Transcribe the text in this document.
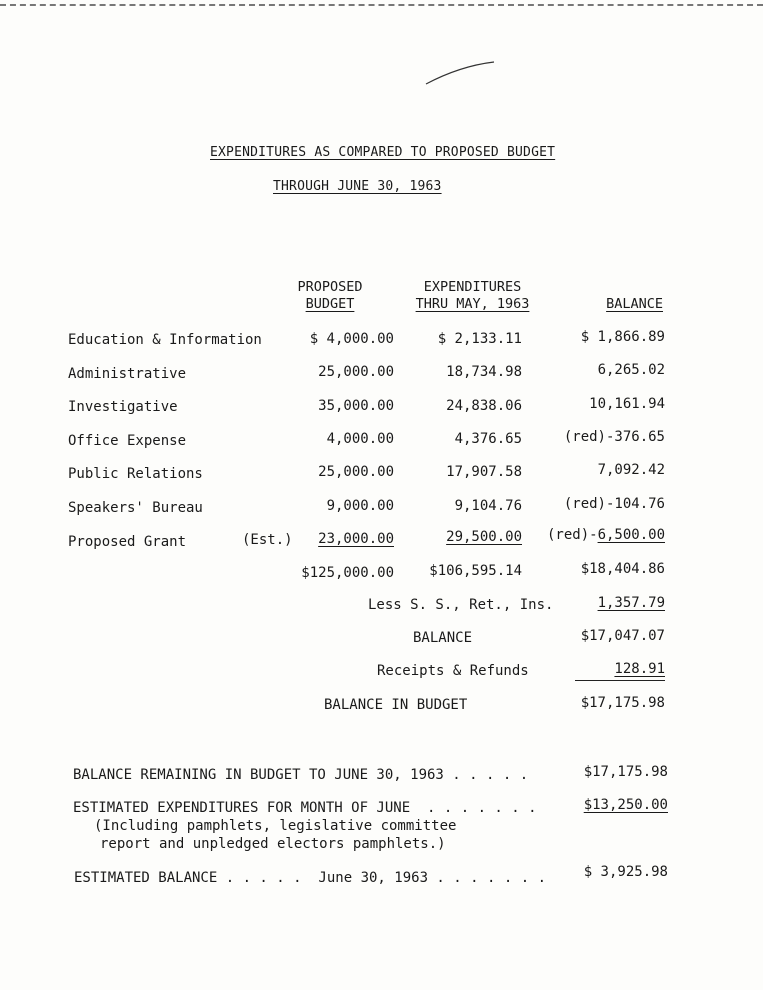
EXPENDITURES AS COMPARED TO PROPOSED BUDGET
THROUGH JUNE 30, 1963
PROPOSED
BUDGET
EXPENDITURES
THRU MAY, 1963	BALANCE
Education & Information	$ 4,000.00	$ 2,133.11	$ 1,866.89
Administrative	25,000.00	18,734.98	6,265.02
Investigative	35,000.00	24,838.06	10,161.94
Office Expense	4,000.00	4,376.65	(red)-376.65
Public Relations	25,000.00	17,907.58	7,092.42
Speakers' Bureau	9,000.00	9,104.76	(red)-104.76
Proposed Grant	(Est.)	23,000.00	29,500.00	(red)-6,500.00
$125,000.00	$106,595.14	$18,404.86
Less S. S., Ret., Ins.	1,357.79
BALANCE	$17,047.07
Receipts & Refunds	128.91
BALANCE IN BUDGET	$17,175.98
BALANCE REMAINING IN BUDGET TO JUNE 30, 1963 . . . . .	$17,175.98
ESTIMATED EXPENDITURES FOR MONTH OF JUNE  . . . . . . .	$13,250.00
(Including pamphlets, legislative committee
report and unpledged electors pamphlets.)
ESTIMATED BALANCE . . . . .  June 30, 1963 . . . . . . .	$ 3,925.98
